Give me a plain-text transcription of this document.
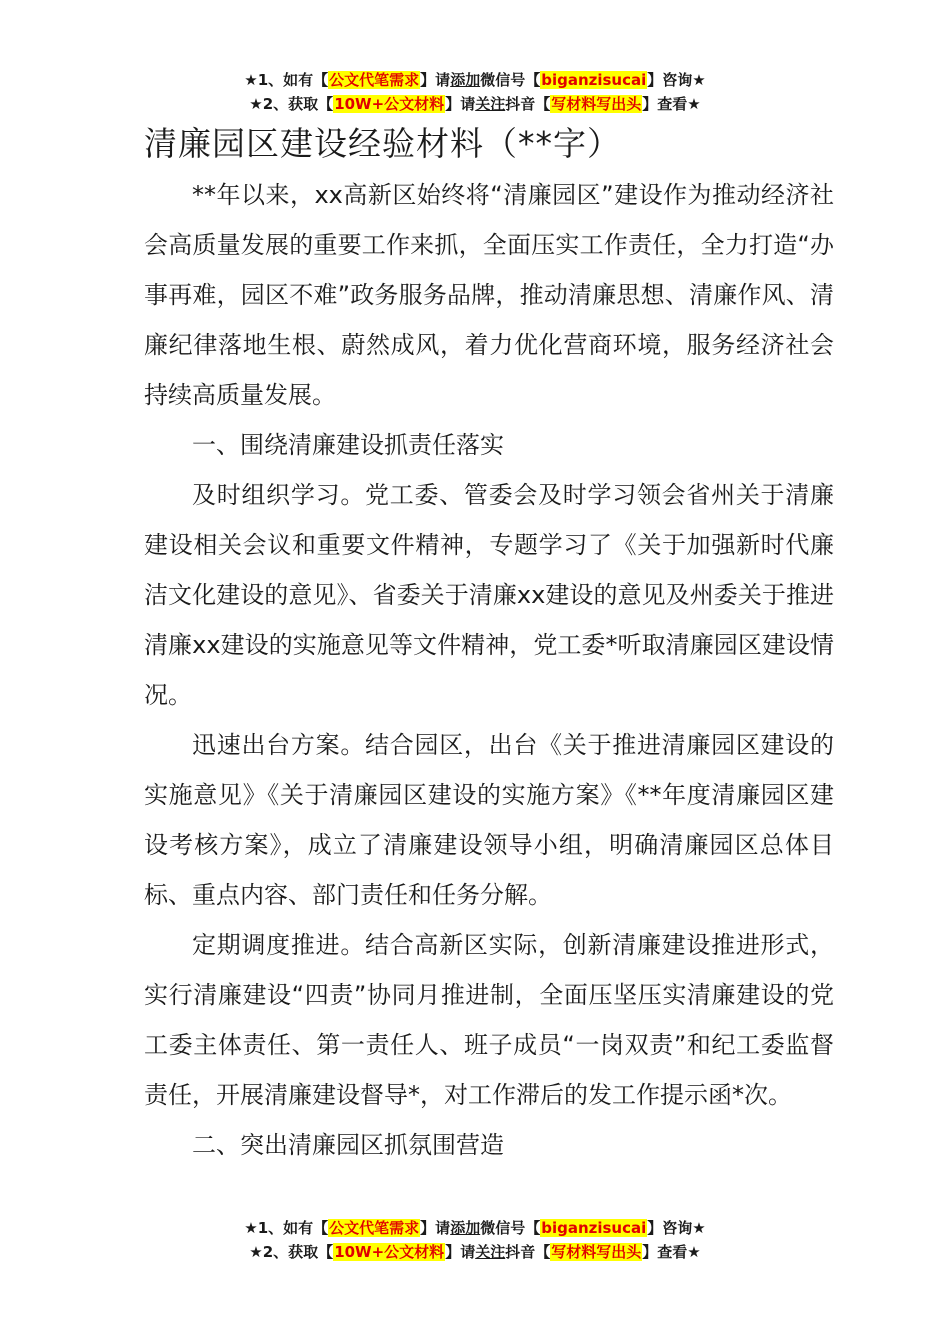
★1、如有【公文代笔需求】请添加微信号【biganzisucai】咨询★
★2、获取【10W+公文材料】请关注抖音【写材料写出头】查看★
清廉园区建设经验材料（**字）

**年以来，xx高新区始终将“清廉园区”建设作为推动经济社会高质量发展的重要工作来抓，全面压实工作责任，全力打造“办事再难，园区不难”政务服务品牌，推动清廉思想、清廉作风、清廉纪律落地生根、蔚然成风，着力优化营商环境，服务经济社会持续高质量发展。

一、围绕清廉建设抓责任落实

及时组织学习。党工委、管委会及时学习领会省州关于清廉建设相关会议和重要文件精神，专题学习了《关于加强新时代廉洁文化建设的意见》、省委关于清廉xx建设的意见及州委关于推进清廉xx建设的实施意见等文件精神，党工委*听取清廉园区建设情况。

迅速出台方案。结合园区，出台《关于推进清廉园区建设的实施意见》《关于清廉园区建设的实施方案》《**年度清廉园区建设考核方案》，成立了清廉建设领导小组，明确清廉园区总体目标、重点内容、部门责任和任务分解。

定期调度推进。结合高新区实际，创新清廉建设推进形式，实行清廉建设“四责”协同月推进制，全面压坚压实清廉建设的党工委主体责任、第一责任人、班子成员“一岗双责”和纪工委监督责任，开展清廉建设督导*，对工作滞后的发工作提示函*次。

二、突出清廉园区抓氛围营造

★1、如有【公文代笔需求】请添加微信号【biganzisucai】咨询★
★2、获取【10W+公文材料】请关注抖音【写材料写出头】查看★
